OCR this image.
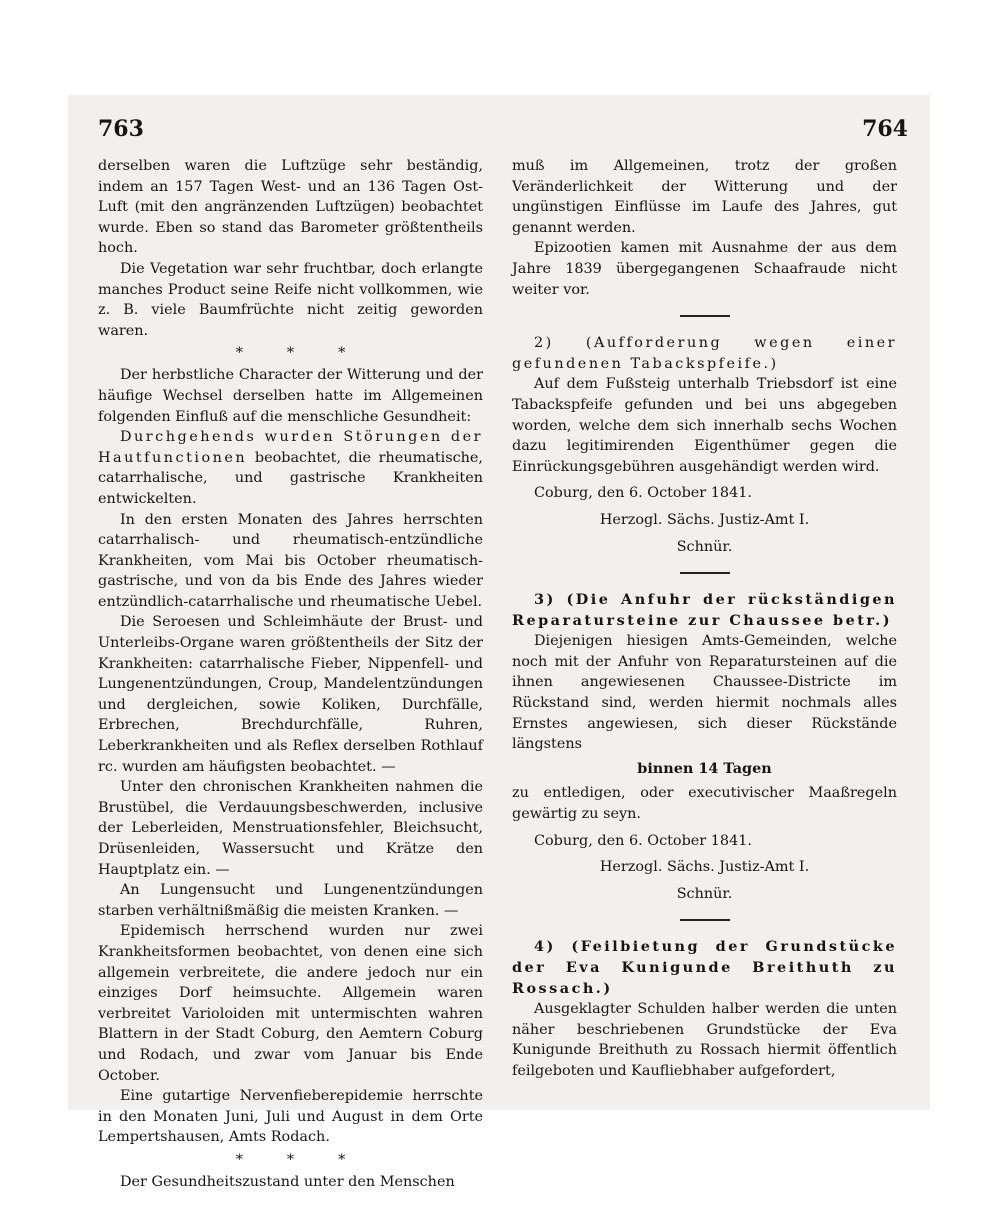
763	764

derselben waren die Luftzüge sehr beständig, indem an 157 Tagen West- und an 136 Tagen Ost-Luft (mit den angränzenden Luftzügen) beobachtet wurde. Eben so stand das Barometer größtentheils hoch.

Die Vegetation war sehr fruchtbar, doch erlangte manches Product seine Reife nicht vollkommen, wie z. B. viele Baumfrüchte nicht zeitig geworden waren.

***

Der herbstliche Character der Witterung und der häufige Wechsel derselben hatte im Allgemeinen folgenden Einfluß auf die menschliche Gesundheit:

Durchgehends wurden Störungen der Hautfunctionen beobachtet, die rheumatische, catarrhalische, und gastrische Krankheiten entwickelten.

In den ersten Monaten des Jahres herrschten catarrhalisch- und rheumatisch-entzündliche Krankheiten, vom Mai bis October rheumatisch-gastrische, und von da bis Ende des Jahres wieder entzündlich-catarrhalische und rheumatische Uebel.

Die Seroesen und Schleimhäute der Brust- und Unterleibs-Organe waren größtentheils der Sitz der Krankheiten: catarrhalische Fieber, Nippenfell- und Lungenentzündungen, Croup, Mandelentzündungen und dergleichen, sowie Koliken, Durchfälle, Erbrechen, Brechdurchfälle, Ruhren, Leberkrankheiten und als Reflex derselben Rothlauf rc. wurden am häufigsten beobachtet. —

Unter den chronischen Krankheiten nahmen die Brustübel, die Verdauungsbeschwerden, inclusive der Leberleiden, Menstruationsfehler, Bleichsucht, Drüsenleiden, Wassersucht und Krätze den Hauptplatz ein. —

An Lungensucht und Lungenentzündungen starben verhältnißmäßig die meisten Kranken. —

Epidemisch herrschend wurden nur zwei Krankheitsformen beobachtet, von denen eine sich allgemein verbreitete, die andere jedoch nur ein einziges Dorf heimsuchte. Allgemein waren verbreitet Varioloiden mit untermischten wahren Blattern in der Stadt Coburg, den Aemtern Coburg und Rodach, und zwar vom Januar bis Ende October.

Eine gutartige Nervenfieberepidemie herrschte in den Monaten Juni, Juli und August in dem Orte Lempertshausen, Amts Rodach.

***

Der Gesundheitszustand unter den Menschen

muß im Allgemeinen, trotz der großen Veränderlichkeit der Witterung und der ungünstigen Einflüsse im Laufe des Jahres, gut genannt werden.

Epizootien kamen mit Ausnahme der aus dem Jahre 1839 übergegangenen Schaafraude nicht weiter vor.

2) (Aufforderung wegen einer gefundenen Tabackspfeife.)

Auf dem Fußsteig unterhalb Triebsdorf ist eine Tabackspfeife gefunden und bei uns abgegeben worden, welche dem sich innerhalb sechs Wochen dazu legitimirenden Eigenthümer gegen die Einrückungsgebühren ausgehändigt werden wird.

Coburg, den 6. October 1841.

Herzogl. Sächs. Justiz-Amt I.

Schnür.

3) (Die Anfuhr der rückständigen Reparatursteine zur Chaussee betr.)

Diejenigen hiesigen Amts-Gemeinden, welche noch mit der Anfuhr von Reparatursteinen auf die ihnen angewiesenen Chaussee-Districte im Rückstand sind, werden hiermit nochmals alles Ernstes angewiesen, sich dieser Rückstände längstens

binnen 14 Tagen

zu entledigen, oder executivischer Maaßregeln gewärtig zu seyn.

Coburg, den 6. October 1841.

Herzogl. Sächs. Justiz-Amt I.

Schnür.

4) (Feilbietung der Grundstücke der Eva Kunigunde Breithuth zu Rossach.)

Ausgeklagter Schulden halber werden die unten näher beschriebenen Grundstücke der Eva Kunigunde Breithuth zu Rossach hiermit öffentlich feilgeboten und Kaufliebhaber aufgefordert,
